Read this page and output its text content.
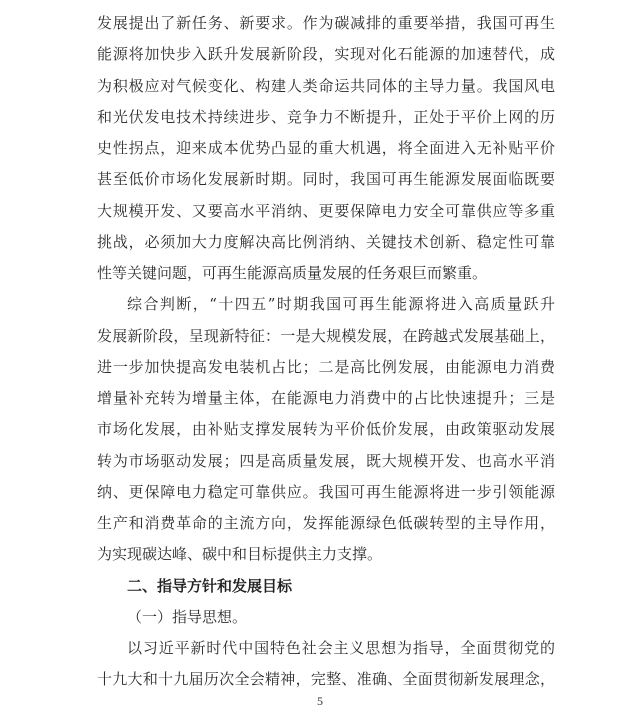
发展提出了新任务、新要求。作为碳减排的重要举措，我国可再生
能源将加快步入跃升发展新阶段，实现对化石能源的加速替代，成
为积极应对气候变化、构建人类命运共同体的主导力量。我国风电
和光伏发电技术持续进步、竞争力不断提升，正处于平价上网的历
史性拐点，迎来成本优势凸显的重大机遇，将全面进入无补贴平价
甚至低价市场化发展新时期。同时，我国可再生能源发展面临既要
大规模开发、又要高水平消纳、更要保障电力安全可靠供应等多重
挑战，必须加大力度解决高比例消纳、关键技术创新、稳定性可靠
性等关键问题，可再生能源高质量发展的任务艰巨而繁重。
综合判断，“十四五”时期我国可再生能源将进入高质量跃升
发展新阶段，呈现新特征：一是大规模发展，在跨越式发展基础上，
进一步加快提高发电装机占比；二是高比例发展，由能源电力消费
增量补充转为增量主体，在能源电力消费中的占比快速提升；三是
市场化发展，由补贴支撑发展转为平价低价发展，由政策驱动发展
转为市场驱动发展；四是高质量发展，既大规模开发、也高水平消
纳、更保障电力稳定可靠供应。我国可再生能源将进一步引领能源
生产和消费革命的主流方向，发挥能源绿色低碳转型的主导作用，
为实现碳达峰、碳中和目标提供主力支撑。
二、指导方针和发展目标
（一）指导思想。
以习近平新时代中国特色社会主义思想为指导，全面贯彻党的
十九大和十九届历次全会精神，完整、准确、全面贯彻新发展理念，
5
